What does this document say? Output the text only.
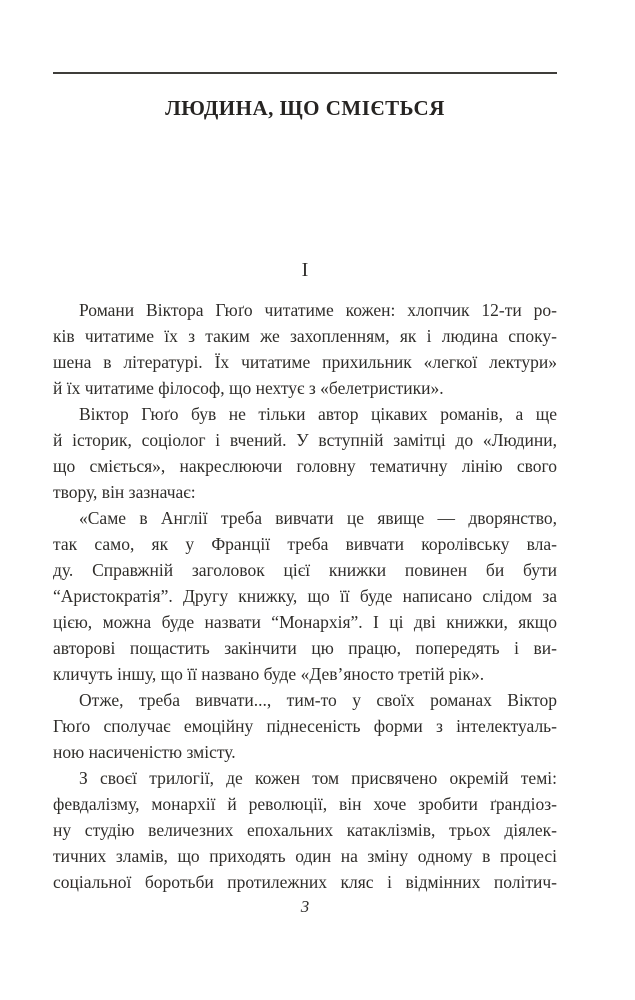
ЛЮДИНА, ЩО СМІЄТЬСЯ
I
Романи Віктора Гюґо читатиме кожен: хлопчик 12-ти ро-
ків читатиме їх з таким же захопленням, як і людина споку-
шена в літературі. Їх читатиме прихильник «легкої лектури»
й їх читатиме філософ, що нехтує з «белетристики».
Віктор Гюґо був не тільки автор цікавих романів, а ще
й історик, соціолог і вчений. У вступній замітці до «Людини,
що сміється», накреслюючи головну тематичну лінію свого
твору, він зазначає:
«Саме в Англії треба вивчати це явище — дворянство,
так само, як у Франції треба вивчати королівську вла-
ду. Справжній заголовок цієї книжки повинен би бути
“Аристократія”. Другу книжку, що її буде написано слідом за
цією, можна буде назвати “Монархія”. І ці дві книжки, якщо
авторові пощастить закінчити цю працю, попередять і ви-
кличуть іншу, що її названо буде «Дев’яносто третій рік».
Отже, треба вивчати..., тим-то у своїх романах Віктор
Гюґо сполучає емоційну піднесеність форми з інтелектуаль-
ною насиченістю змісту.
З своєї трилогії, де кожен том присвячено окремій темі:
февдалізму, монархії й революції, він хоче зробити ґрандіоз-
ну студію величезних епохальних катаклізмів, трьох діялек-
тичних зламів, що приходять один на зміну одному в процесі
соціальної боротьби протилежних кляс і відмінних політич-
3
